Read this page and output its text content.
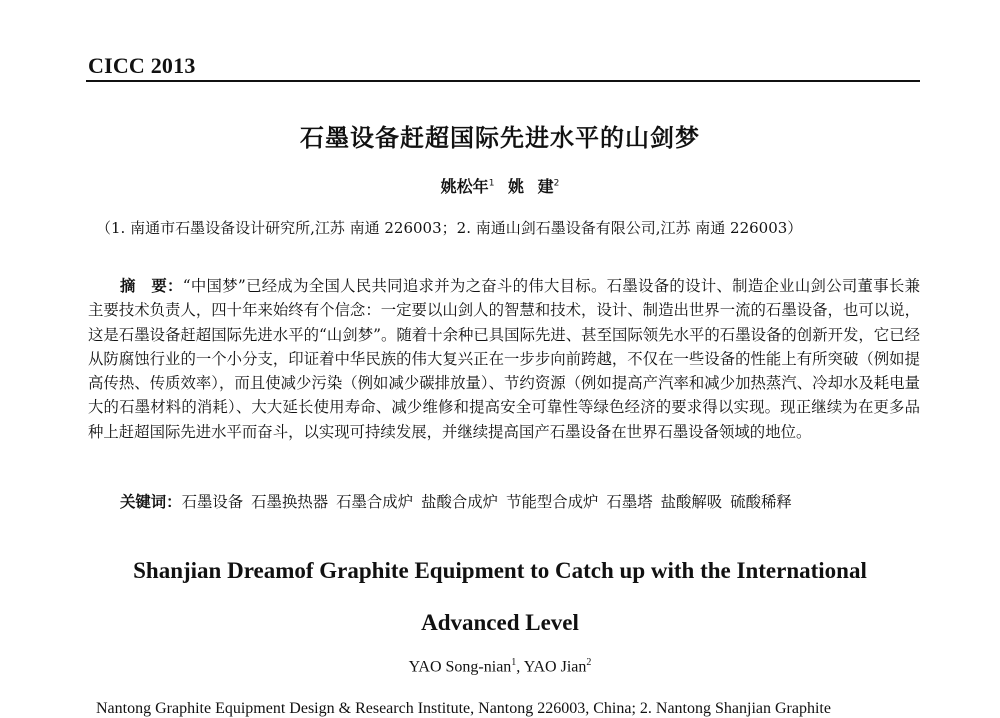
CICC 2013
石墨设备赶超国际先进水平的山剑梦
姚松年$^1$ 姚 建$^2$
（1. 南通市石墨设备设计研究所,江苏 南通 226003；2. 南通山剑石墨设备有限公司,江苏 南通 226003）

摘　要：“中国梦”已经成为全国人民共同追求并为之奋斗的伟大目标。石墨设备的设计、制造企业山剑公司董事长兼主要技术负责人，四十年来始终有个信念：一定要以山剑人的智慧和技术，设计、制造出世界一流的石墨设备，也可以说，这是石墨设备赶超国际先进水平的“山剑梦”。随着十余种已具国际先进、甚至国际领先水平的石墨设备的创新开发，它已经从防腐蚀行业的一个小分支，印证着中华民族的伟大复兴正在一步步向前跨越，不仅在一些设备的性能上有所突破（例如提高传热、传质效率），而且使减少污染（例如减少碳排放量）、节约资源（例如提高产汽率和减少加热蒸汽、冷却水及耗电量大的石墨材料的消耗）、大大延长使用寿命、减少维修和提高安全可靠性等绿色经济的要求得以实现。现正继续为在更多品种上赶超国际先进水平而奋斗，以实现可持续发展，并继续提高国产石墨设备在世界石墨设备领域的地位。

关键词：石墨设备 石墨换热器 石墨合成炉 盐酸合成炉 节能型合成炉 石墨塔 盐酸解吸 硫酸稀释
Shanjian Dreamof Graphite Equipment to Catch up with the International
Advanced Level
YAO Song-nian$^1$, YAO Jian$^2$
Nantong Graphite Equipment Design & Research Institute, Nantong 226003, China; 2. Nantong Shanjian Graphite
